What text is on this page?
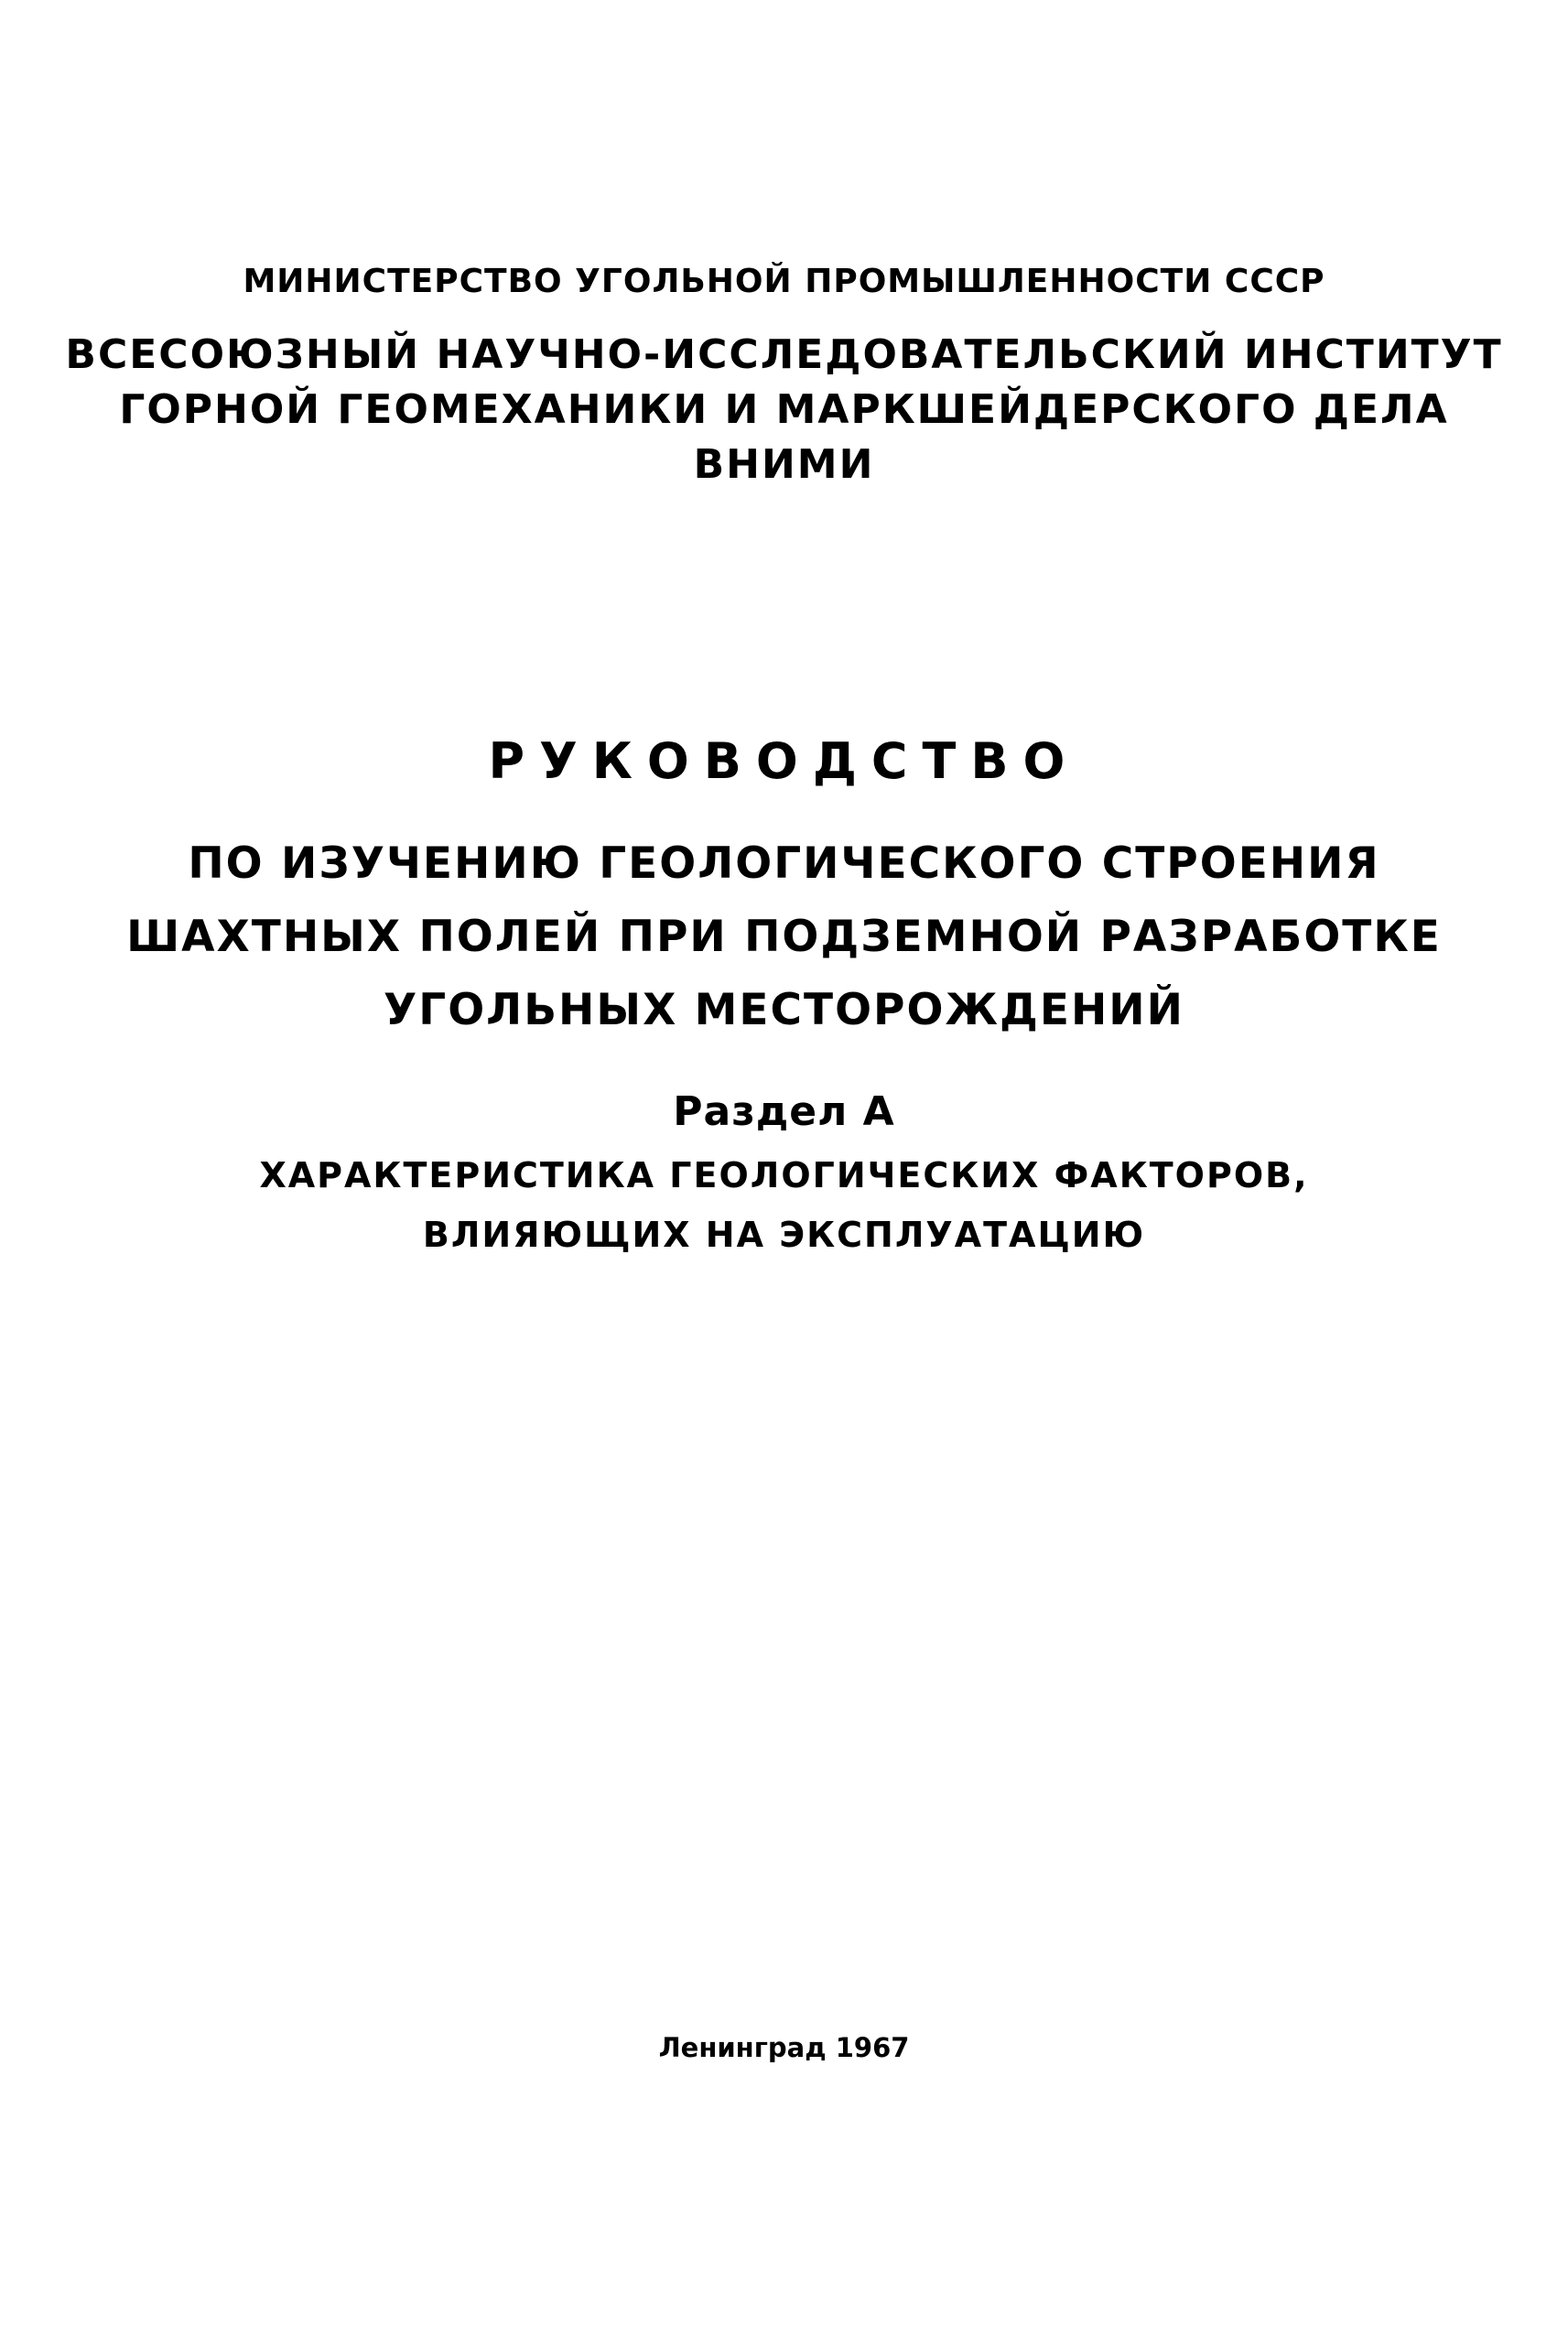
МИНИСТЕРСТВО УГОЛЬНОЙ ПРОМЫШЛЕННОСТИ СССР
ВСЕСОЮЗНЫЙ НАУЧНО-ИССЛЕДОВАТЕЛЬСКИЙ ИНСТИТУТ
ГОРНОЙ ГЕОМЕХАНИКИ И МАРКШЕЙДЕРСКОГО ДЕЛА
ВНИМИ
РУКОВОДСТВО
ПО ИЗУЧЕНИЮ ГЕОЛОГИЧЕСКОГО СТРОЕНИЯ
ШАХТНЫХ ПОЛЕЙ ПРИ ПОДЗЕМНОЙ РАЗРАБОТКЕ
УГОЛЬНЫХ МЕСТОРОЖДЕНИЙ
Раздел А
ХАРАКТЕРИСТИКА ГЕОЛОГИЧЕСКИХ ФАКТОРОВ,
ВЛИЯЮЩИХ НА ЭКСПЛУАТАЦИЮ
Ленинград 1967
